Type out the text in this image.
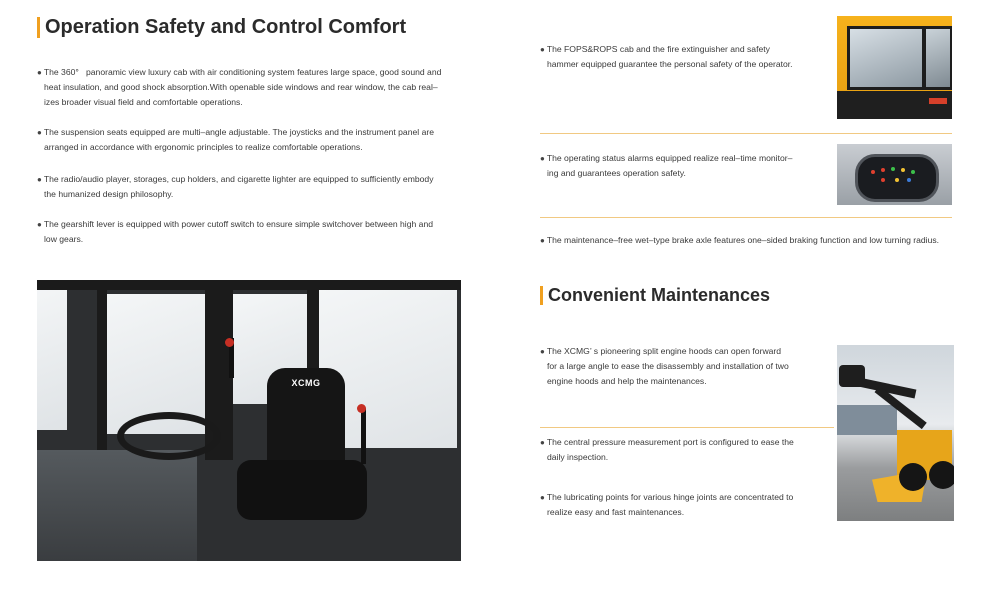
Operation Safety and Control Comfort

● The 360°   panoramic view luxury cab with air conditioning system features large space, good sound and
heat insulation, and good shock absorption.With openable side windows and rear window, the cab real–
izes broader visual field and comfortable operations.

● The suspension seats equipped are multi–angle adjustable. The joysticks and the instrument panel are
arranged in accordance with ergonomic principles to realize comfortable operations.

● The radio/audio player, storages, cup holders, and cigarette lighter are equipped to sufficiently embody
the humanized design philosophy.

● The gearshift lever is equipped with power cutoff switch to ensure simple switchover between high and
low gears.

XCMG

● The FOPS&ROPS cab and the fire extinguisher and safety
hammer equipped guarantee the personal safety of the operator.

● The operating status alarms equipped realize real–time monitor–
ing and guarantees operation safety.

● The maintenance–free wet–type brake axle features one–sided braking function and low turning radius.

Convenient Maintenances

● The XCMG’ s pioneering split engine hoods can open forward
for a large angle to ease the disassembly and installation of two
engine hoods and help the maintenances.

● The central pressure measurement port is configured to ease the
daily inspection.

● The lubricating points for various hinge joints are concentrated to
realize easy and fast maintenances.
